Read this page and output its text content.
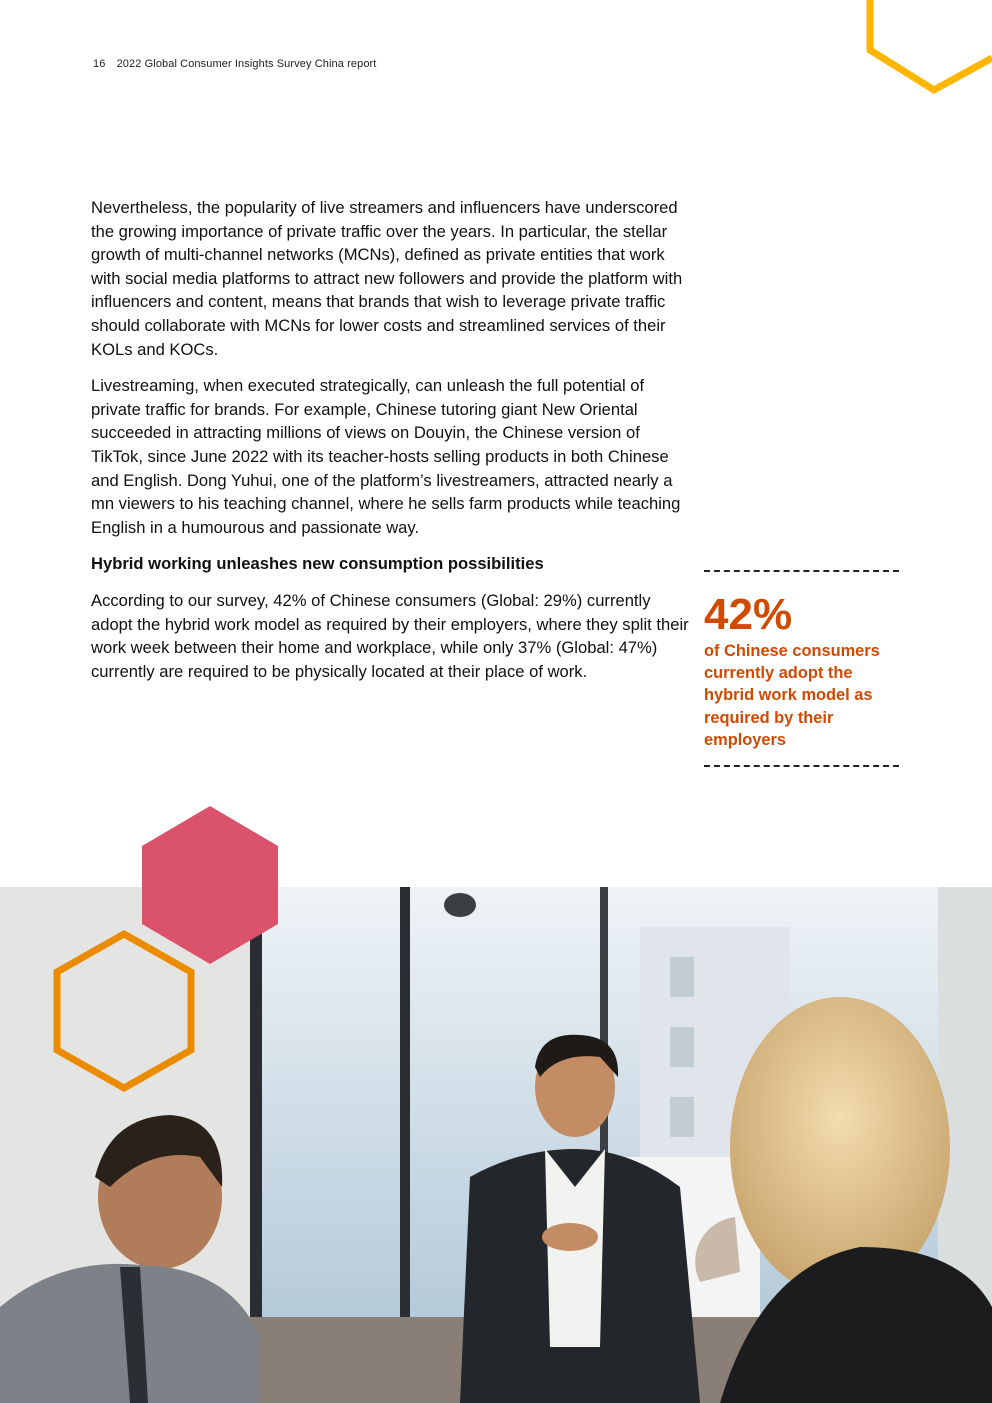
16 2022 Global Consumer Insights Survey China report

Nevertheless, the popularity of live streamers and influencers have underscored the growing importance of private traffic over the years. In particular, the stellar growth of multi-channel networks (MCNs), defined as private entities that work with social media platforms to attract new followers and provide the platform with influencers and content, means that brands that wish to leverage private traffic should collaborate with MCNs for lower costs and streamlined services of their KOLs and KOCs.

Livestreaming, when executed strategically, can unleash the full potential of private traffic for brands. For example, Chinese tutoring giant New Oriental succeeded in attracting millions of views on Douyin, the Chinese version of TikTok, since June 2022 with its teacher-hosts selling products in both Chinese and English. Dong Yuhui, one of the platform’s livestreamers, attracted nearly a mn viewers to his teaching channel, where he sells farm products while teaching English in a humourous and passionate way.

Hybrid working unleashes new consumption possibilities

According to our survey, 42% of Chinese consumers (Global: 29%) currently adopt the hybrid work model as required by their employers, where they split their work week between their home and workplace, while only 37% (Global: 47%) currently are required to be physically located at their place of work.

42%
of Chinese consumers currently adopt the hybrid work model as required by their employers
